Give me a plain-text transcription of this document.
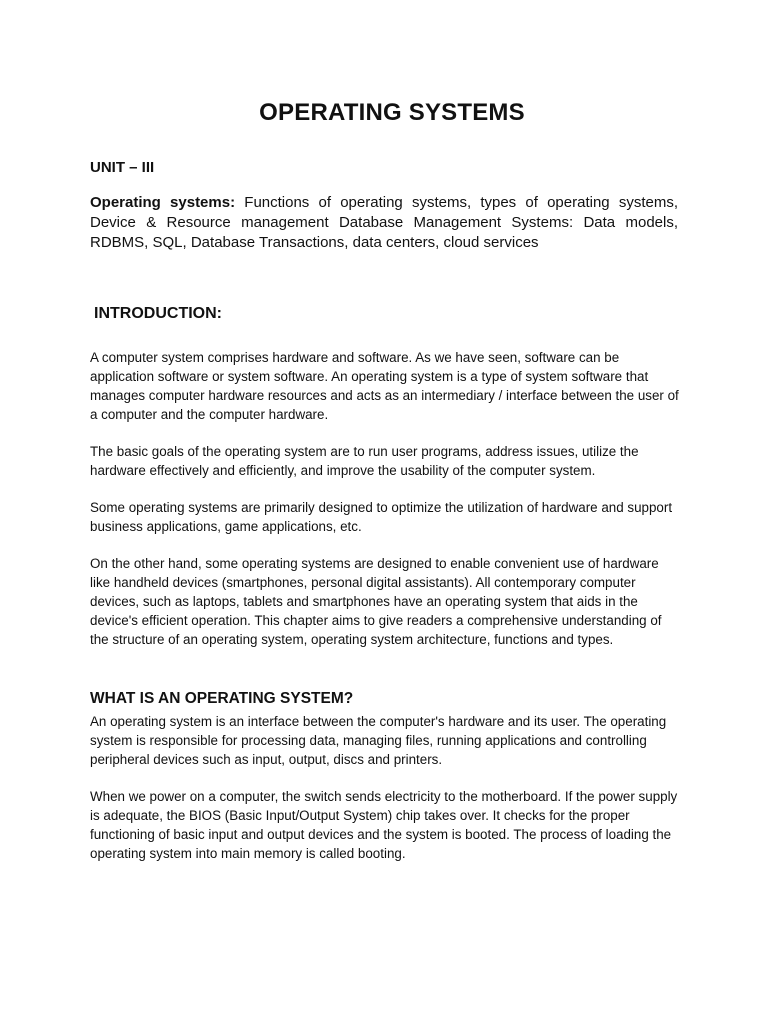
OPERATING SYSTEMS

UNIT – III

Operating systems: Functions of operating systems, types of operating systems, Device & Resource management Database Management Systems: Data models, RDBMS, SQL, Database Transactions, data centers, cloud services

INTRODUCTION:

A computer system comprises hardware and software. As we have seen, software can be application software or system software. An operating system is a type of system software that manages computer hardware resources and acts as an intermediary / interface between the user of a computer and the computer hardware.

The basic goals of the operating system are to run user programs, address issues, utilize the hardware effectively and efficiently, and improve the usability of the computer system.

Some operating systems are primarily designed to optimize the utilization of hardware and support business applications, game applications, etc.

On the other hand, some operating systems are designed to enable convenient use of hardware like handheld devices (smartphones, personal digital assistants). All contemporary computer devices, such as laptops, tablets and smartphones have an operating system that aids in the device's efficient operation. This chapter aims to give readers a comprehensive understanding of the structure of an operating system, operating system architecture, functions and types.

WHAT IS AN OPERATING SYSTEM?

An operating system is an interface between the computer's hardware and its user. The operating system is responsible for processing data, managing files, running applications and controlling peripheral devices such as input, output, discs and printers.

When we power on a computer, the switch sends electricity to the motherboard. If the power supply is adequate, the BIOS (Basic Input/Output System) chip takes over. It checks for the proper functioning of basic input and output devices and the system is booted. The process of loading the operating system into main memory is called booting.
